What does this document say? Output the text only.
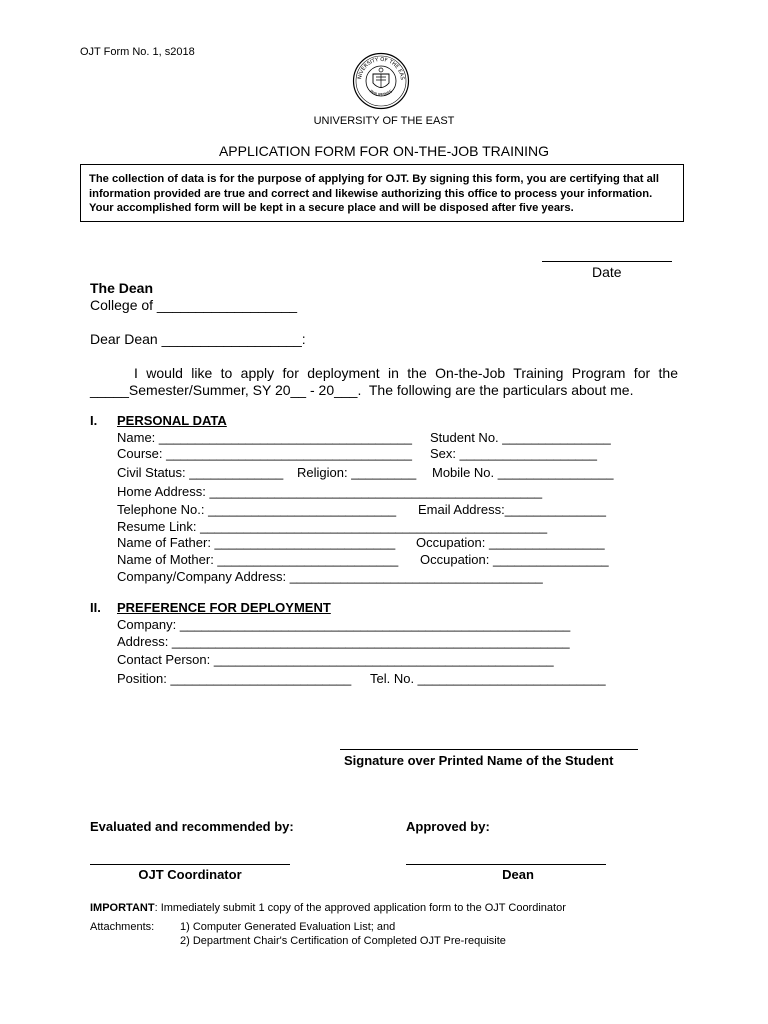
OJT Form No. 1, s2018
NIVERSITY OF THE EAS
PHILIPPINES
UNIVERSITY OF THE EAST
APPLICATION FORM FOR ON-THE-JOB TRAINING
The collection of data is for the purpose of applying for OJT. By signing this form, you are certifying that all
information provided are true and correct and likewise authorizing this office to process your information.
Your accomplished form will be kept in a secure place and will be disposed after five years.
Date
The Dean
College of __________________
Dear Dean __________________:
I would like to apply for deployment in the On-the-Job Training Program for the
_____Semester/Summer, SY 20__ - 20___.  The following are the particulars about me.
I. PERSONAL DATA
Name: ___________________________________ Student No. _______________
Course: __________________________________ Sex: ___________________
Civil Status: _____________ Religion: _________ Mobile No. ________________
Home Address: ______________________________________________
Telephone No.: __________________________ Email Address:______________
Resume Link: ________________________________________________
Name of Father: _________________________ Occupation: ________________
Name of Mother: _________________________ Occupation: ________________
Company/Company Address: ___________________________________
II. PREFERENCE FOR DEPLOYMENT
Company: ______________________________________________________
Address: _______________________________________________________
Contact Person: _______________________________________________
Position: _________________________ Tel. No. __________________________
Signature over Printed Name of the Student
Evaluated and recommended by:	Approved by:
OJT Coordinator	Dean
IMPORTANT: Immediately submit 1 copy of the approved application form to the OJT Coordinator
Attachments: 1) Computer Generated Evaluation List; and
2) Department Chair's Certification of Completed OJT Pre-requisite
